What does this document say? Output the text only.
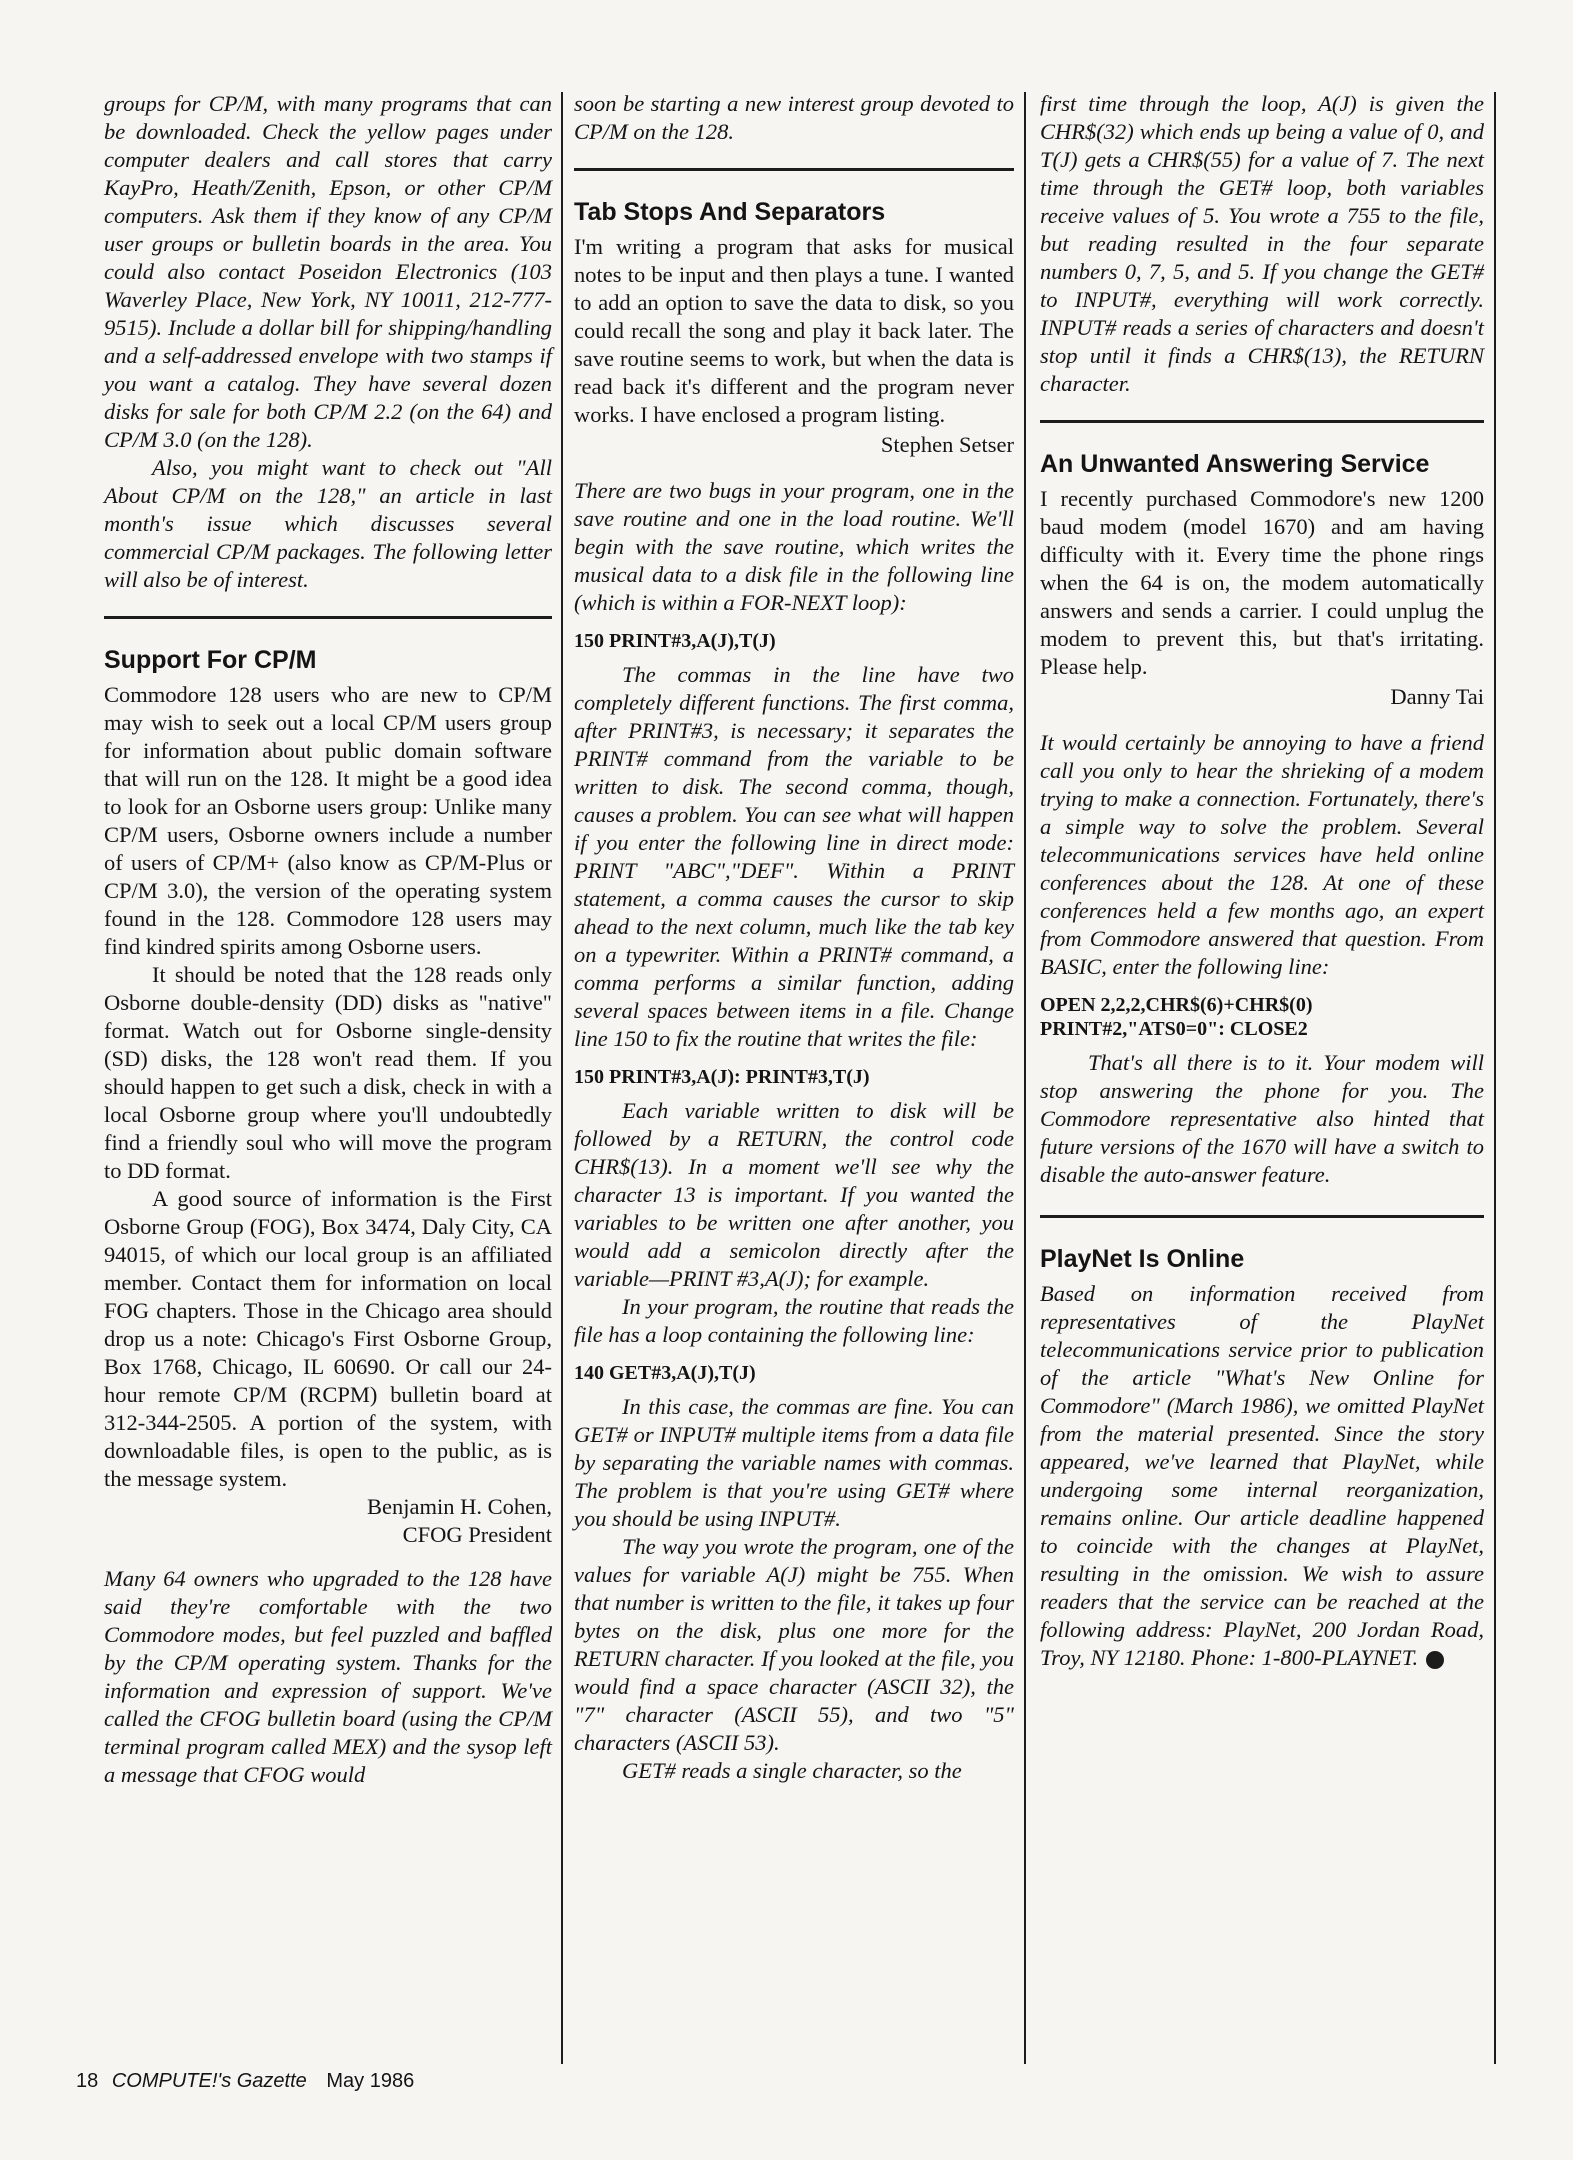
groups for CP/M, with many programs that can be downloaded. Check the yellow pages under computer dealers and call stores that carry KayPro, Heath/Zenith, Epson, or other CP/M computers. Ask them if they know of any CP/M user groups or bulletin boards in the area. You could also contact Poseidon Electronics (103 Waverley Place, New York, NY 10011, 212-777-9515). Include a dollar bill for shipping/handling and a self-addressed envelope with two stamps if you want a catalog. They have several dozen disks for sale for both CP/M 2.2 (on the 64) and CP/M 3.0 (on the 128).

Also, you might want to check out "All About CP/M on the 128," an article in last month's issue which discusses several commercial CP/M packages. The following letter will also be of interest.

Support For CP/M

Commodore 128 users who are new to CP/M may wish to seek out a local CP/M users group for information about public domain software that will run on the 128. It might be a good idea to look for an Osborne users group: Unlike many CP/M users, Osborne owners include a number of users of CP/M+ (also know as CP/M-Plus or CP/M 3.0), the version of the operating system found in the 128. Commodore 128 users may find kindred spirits among Osborne users.

It should be noted that the 128 reads only Osborne double-density (DD) disks as "native" format. Watch out for Osborne single-density (SD) disks, the 128 won't read them. If you should happen to get such a disk, check in with a local Osborne group where you'll undoubtedly find a friendly soul who will move the program to DD format.

A good source of information is the First Osborne Group (FOG), Box 3474, Daly City, CA 94015, of which our local group is an affiliated member. Contact them for information on local FOG chapters. Those in the Chicago area should drop us a note: Chicago's First Osborne Group, Box 1768, Chicago, IL 60690. Or call our 24-hour remote CP/M (RCPM) bulletin board at 312-344-2505. A portion of the system, with downloadable files, is open to the public, as is the message system.

Benjamin H. Cohen,
CFOG President

Many 64 owners who upgraded to the 128 have said they're comfortable with the two Commodore modes, but feel puzzled and baffled by the CP/M operating system. Thanks for the information and expression of support. We've called the CFOG bulletin board (using the CP/M terminal program called MEX) and the sysop left a message that CFOG would

soon be starting a new interest group devoted to CP/M on the 128.

Tab Stops And Separators

I'm writing a program that asks for musical notes to be input and then plays a tune. I wanted to add an option to save the data to disk, so you could recall the song and play it back later. The save routine seems to work, but when the data is read back it's different and the program never works. I have enclosed a program listing.

Stephen Setser

There are two bugs in your program, one in the save routine and one in the load routine. We'll begin with the save routine, which writes the musical data to a disk file in the following line (which is within a FOR-NEXT loop):

150 PRINT#3,A(J),T(J)

The commas in the line have two completely different functions. The first comma, after PRINT#3, is necessary; it separates the PRINT# command from the variable to be written to disk. The second comma, though, causes a problem. You can see what will happen if you enter the following line in direct mode: PRINT "ABC","DEF". Within a PRINT statement, a comma causes the cursor to skip ahead to the next column, much like the tab key on a typewriter. Within a PRINT# command, a comma performs a similar function, adding several spaces between items in a file. Change line 150 to fix the routine that writes the file:

150 PRINT#3,A(J): PRINT#3,T(J)

Each variable written to disk will be followed by a RETURN, the control code CHR$(13). In a moment we'll see why the character 13 is important. If you wanted the variables to be written one after another, you would add a semicolon directly after the variable—PRINT #3,A(J); for example.

In your program, the routine that reads the file has a loop containing the following line:

140 GET#3,A(J),T(J)

In this case, the commas are fine. You can GET# or INPUT# multiple items from a data file by separating the variable names with commas. The problem is that you're using GET# where you should be using INPUT#.

The way you wrote the program, one of the values for variable A(J) might be 755. When that number is written to the file, it takes up four bytes on the disk, plus one more for the RETURN character. If you looked at the file, you would find a space character (ASCII 32), the "7" character (ASCII 55), and two "5" characters (ASCII 53).

GET# reads a single character, so the

first time through the loop, A(J) is given the CHR$(32) which ends up being a value of 0, and T(J) gets a CHR$(55) for a value of 7. The next time through the GET# loop, both variables receive values of 5. You wrote a 755 to the file, but reading resulted in the four separate numbers 0, 7, 5, and 5. If you change the GET# to INPUT#, everything will work correctly. INPUT# reads a series of characters and doesn't stop until it finds a CHR$(13), the RETURN character.

An Unwanted Answering Service

I recently purchased Commodore's new 1200 baud modem (model 1670) and am having difficulty with it. Every time the phone rings when the 64 is on, the modem automatically answers and sends a carrier. I could unplug the modem to prevent this, but that's irritating. Please help.

Danny Tai

It would certainly be annoying to have a friend call you only to hear the shrieking of a modem trying to make a connection. Fortunately, there's a simple way to solve the problem. Several telecommunications services have held online conferences about the 128. At one of these conferences held a few months ago, an expert from Commodore answered that question. From BASIC, enter the following line:

OPEN 2,2,2,CHR$(6)+CHR$(0)
PRINT#2,"ATS0=0": CLOSE2

That's all there is to it. Your modem will stop answering the phone for you. The Commodore representative also hinted that future versions of the 1670 will have a switch to disable the auto-answer feature.

PlayNet Is Online

Based on information received from representatives of the PlayNet telecommunications service prior to publication of the article "What's New Online for Commodore" (March 1986), we omitted PlayNet from the material presented. Since the story appeared, we've learned that PlayNet, while undergoing some internal reorganization, remains online. Our article deadline happened to coincide with the changes at PlayNet, resulting in the omission. We wish to assure readers that the service can be reached at the following address: PlayNet, 200 Jordan Road, Troy, NY 12180. Phone: 1-800-PLAYNET.

18 COMPUTE!'s Gazette May 1986
